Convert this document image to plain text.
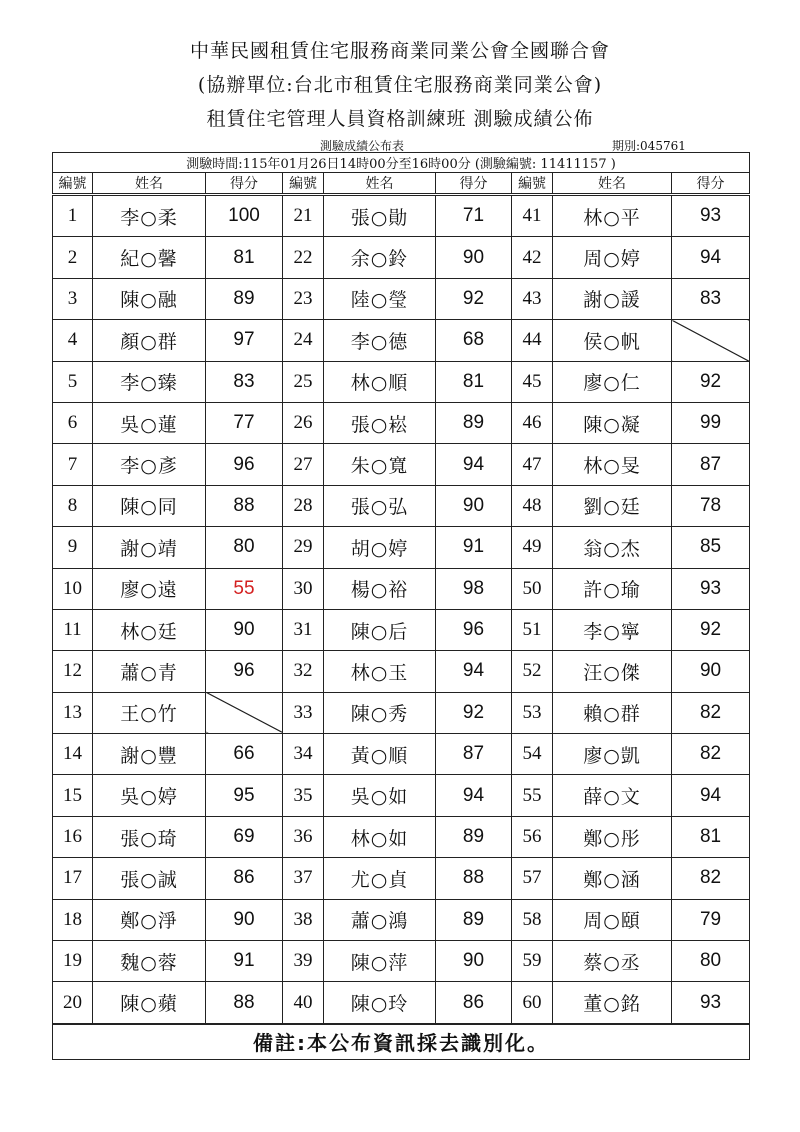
中華民國租賃住宅服務商業同業公會全國聯合會
(協辦單位:台北市租賃住宅服務商業同業公會)
租賃住宅管理人員資格訓練班 測驗成績公佈
測驗成績公布表	期別:045761
測驗時間:115年01月26日14時00分至16時00分 (測驗編號: 11411157 )								
編號	姓名	得分	編號	姓名	得分	編號	姓名	得分
1	李○柔	100	21	張○勛	71	41	林○平	93
2	紀○馨	81	22	余○鈴	90	42	周○婷	94
3	陳○融	89	23	陸○瑩	92	43	謝○諼	83
4	顏○群	97	24	李○德	68	44	侯○帆	
5	李○臻	83	25	林○順	81	45	廖○仁	92
6	吳○蓮	77	26	張○崧	89	46	陳○凝	99
7	李○彥	96	27	朱○寬	94	47	林○旻	87
8	陳○同	88	28	張○弘	90	48	劉○廷	78
9	謝○靖	80	29	胡○婷	91	49	翁○杰	85
10	廖○遠	55	30	楊○裕	98	50	許○瑜	93
11	林○廷	90	31	陳○后	96	51	李○寧	92
12	蕭○青	96	32	林○玉	94	52	汪○傑	90
13	王○竹		33	陳○秀	92	53	賴○群	82
14	謝○豐	66	34	黃○順	87	54	廖○凱	82
15	吳○婷	95	35	吳○如	94	55	薛○文	94
16	張○琦	69	36	林○如	89	56	鄭○彤	81
17	張○誠	86	37	尤○貞	88	57	鄭○涵	82
18	鄭○淨	90	38	蕭○鴻	89	58	周○頤	79
19	魏○蓉	91	39	陳○萍	90	59	蔡○丞	80
20	陳○蘋	88	40	陳○玲	86	60	董○銘	93
備註:本公布資訊採去識別化。								
